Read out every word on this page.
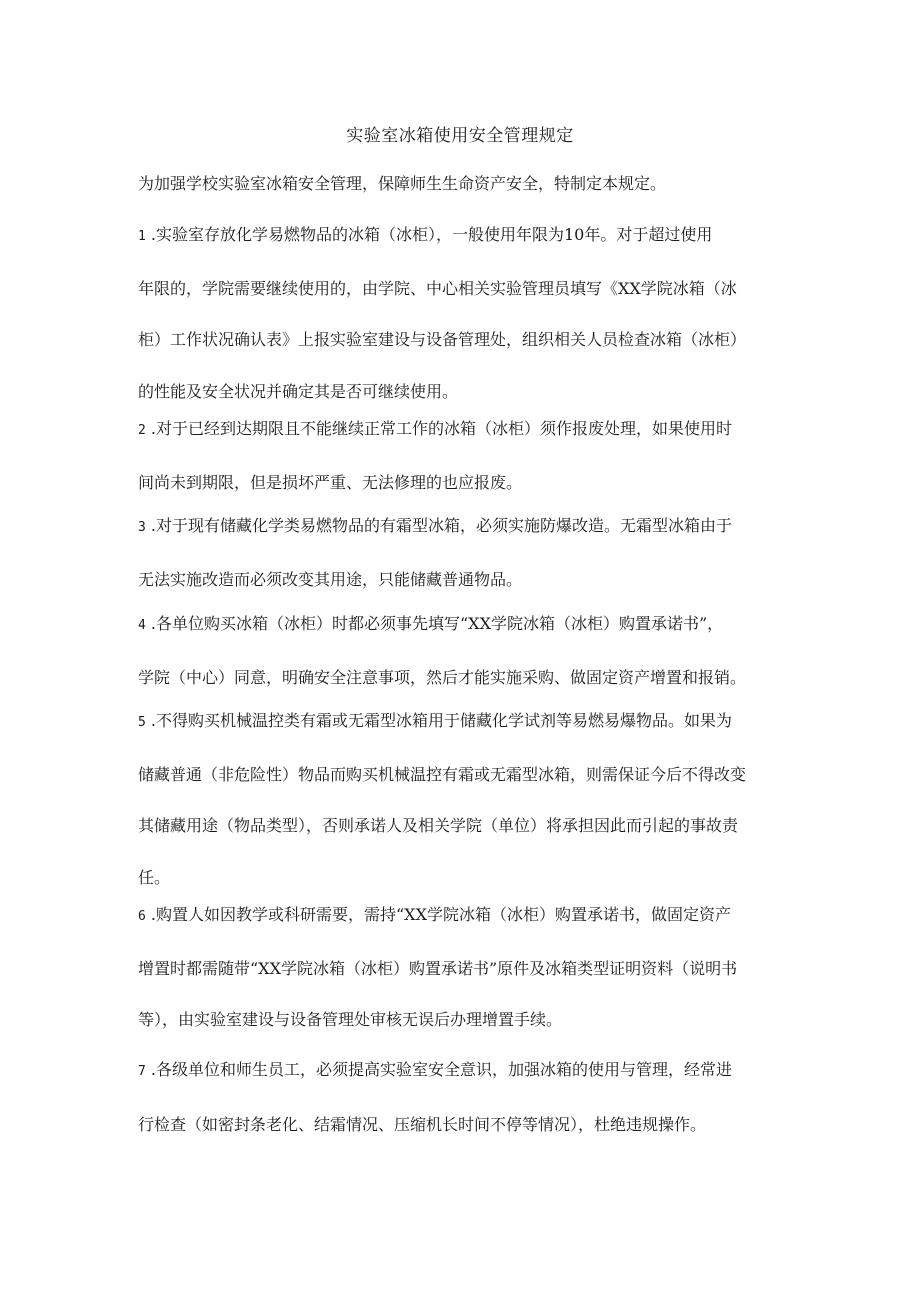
实验室冰箱使用安全管理规定
为加强学校实验室冰箱安全管理，保障师生生命资产安全，特制定本规定。
1 .实验室存放化学易燃物品的冰箱（冰柜），一般使用年限为10年。对于超过使用
年限的，学院需要继续使用的，由学院、中心相关实验管理员填写《XX学院冰箱（冰
柜）工作状况确认表》上报实验室建设与设备管理处，组织相关人员检查冰箱（冰柜）
的性能及安全状况并确定其是否可继续使用。
2 .对于已经到达期限且不能继续正常工作的冰箱（冰柜）须作报废处理，如果使用时
间尚未到期限，但是损坏严重、无法修理的也应报废。
3 .对于现有储藏化学类易燃物品的有霜型冰箱，必须实施防爆改造。无霜型冰箱由于
无法实施改造而必须改变其用途，只能储藏普通物品。
4 .各单位购买冰箱（冰柜）时都必须事先填写“XX学院冰箱（冰柜）购置承诺书”，
学院（中心）同意，明确安全注意事项，然后才能实施采购、做固定资产增置和报销。
5 .不得购买机械温控类有霜或无霜型冰箱用于储藏化学试剂等易燃易爆物品。如果为
储藏普通（非危险性）物品而购买机械温控有霜或无霜型冰箱，则需保证今后不得改变
其储藏用途（物品类型），否则承诺人及相关学院（单位）将承担因此而引起的事故责
任。
6 .购置人如因教学或科研需要，需持“XX学院冰箱（冰柜）购置承诺书，做固定资产
增置时都需随带“XX学院冰箱（冰柜）购置承诺书”原件及冰箱类型证明资料（说明书
等），由实验室建设与设备管理处审核无误后办理增置手续。
7 .各级单位和师生员工，必须提高实验室安全意识，加强冰箱的使用与管理，经常进
行检查（如密封条老化、结霜情况、压缩机长时间不停等情况），杜绝违规操作。
